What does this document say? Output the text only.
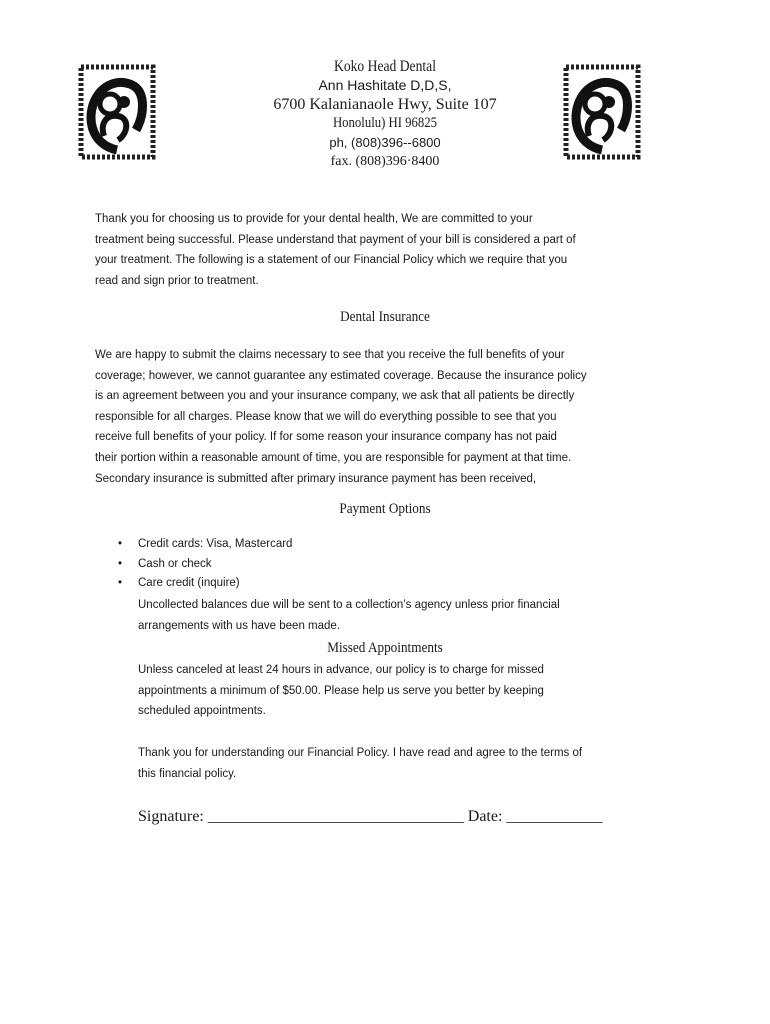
Koko Head Dental
Ann Hashitate D,D,S,
6700 Kalanianaole Hwy, Suite 107
Honolulu) HI 96825
ph, (808)396--6800
fax. (808)396·8400
Thank you for choosing us to provide for your dental health, We are committed to your
treatment being successful. Please understand that payment of your bill is considered a part of
your treatment. The following is a statement of our Financial Policy which we require that you
read and sign prior to treatment.
Dental Insurance
We are happy to submit the claims necessary to see that you receive the full benefits of your
coverage; however, we cannot guarantee any estimated coverage. Because the insurance policy
is an agreement between you and your insurance company, we ask that all patients be directly
responsible for all charges. Please know that we will do everything possible to see that you
receive full benefits of your policy. If for some reason your insurance company has not paid
their portion within a reasonable amount of time, you are responsible for payment at that time.
Secondary insurance is submitted after primary insurance payment has been received,
Payment Options
• Credit cards: Visa, Mastercard
• Cash or check
• Care credit (inquire)
Uncollected balances due will be sent to a collection’s agency unless prior financial
arrangements with us have been made.
Missed Appointments
Unless canceled at least 24 hours in advance, our policy is to charge for missed
appointments a minimum of $50.00. Please help us serve you better by keeping
scheduled appointments.
Thank you for understanding our Financial Policy. I have read and agree to the terms of
this financial policy.
Signature: ________________________________ Date: ____________
